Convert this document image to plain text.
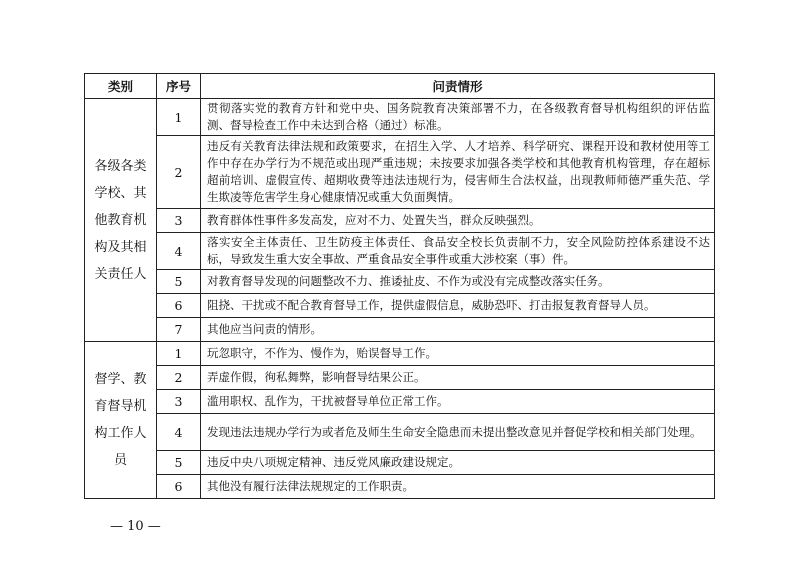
类别	序号	问责情形
各级各类学校、其他教育机构及其相关责任人	1	贯彻落实党的教育方针和党中央、国务院教育决策部署不力，在各级教育督导机构组织的评估监测、督导检查工作中未达到合格（通过）标准。
	2	违反有关教育法律法规和政策要求，在招生入学、人才培养、科学研究、课程开设和教材使用等工作中存在办学行为不规范或出现严重违规；未按要求加强各类学校和其他教育机构管理，存在超标超前培训、虚假宣传、超期收费等违法违规行为，侵害师生合法权益，出现教师师德严重失范、学生欺凌等危害学生身心健康情况或重大负面舆情。
	3	教育群体性事件多发高发，应对不力、处置失当，群众反映强烈。
	4	落实安全主体责任、卫生防疫主体责任、食品安全校长负责制不力，安全风险防控体系建设不达标，导致发生重大安全事故、严重食品安全事件或重大涉校案（事）件。
	5	对教育督导发现的问题整改不力、推诿扯皮、不作为或没有完成整改落实任务。
	6	阻挠、干扰或不配合教育督导工作，提供虚假信息，威胁恐吓、打击报复教育督导人员。
	7	其他应当问责的情形。
督学、教育督导机构工作人员	1	玩忽职守，不作为、慢作为，贻误督导工作。
	2	弄虚作假，徇私舞弊，影响督导结果公正。
	3	滥用职权、乱作为，干扰被督导单位正常工作。
	4	发现违法违规办学行为或者危及师生生命安全隐患而未提出整改意见并督促学校和相关部门处理。
	5	违反中央八项规定精神、违反党风廉政建设规定。
	6	其他没有履行法律法规规定的工作职责。
— 10 —
